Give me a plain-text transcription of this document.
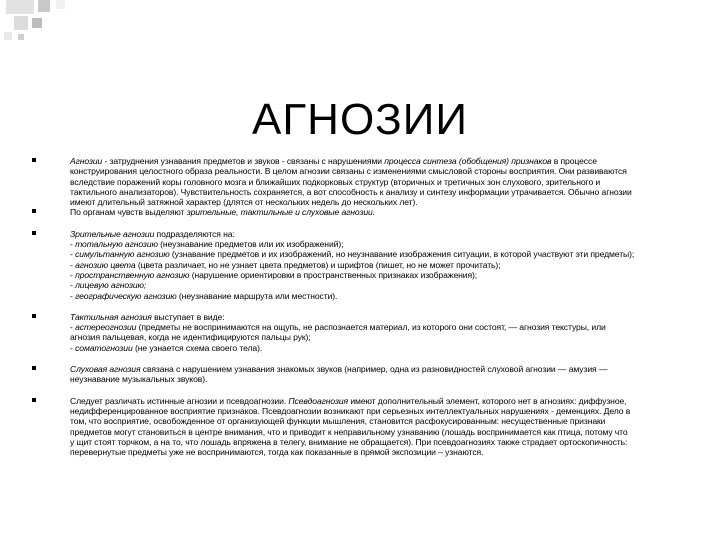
АГНОЗИИ
Агнозии - затруднения узнавания предметов и звуков - связаны с нарушениями процесса синтеза (обобщения) признаков в процессе
конструирования целостного образа реальности. В целом агнозии связаны с изменениями смысловой стороны восприятия. Они развиваются
вследствие поражений коры головного мозга и ближайших подкорковых структур (вторичных и третичных зон слухового, зрительного и
тактильного анализаторов). Чувствительность сохраняется, а вот способность к анализу и синтезу информации утрачивается. Обычно агнозии
имеют длительный затяжной характер (длятся от нескольких недель до нескольких лет).
По органам чувств выделяют зрительные, тактильные и слуховые агнозии.
Зрительные агнозии подразделяются на:
- тотальную агнозию (неузнавание предметов или их изображений);
- симультанную агнозию (узнавание предметов и их изображений, но неузнавание изображения ситуации, в которой участвуют эти предметы);
- агнозию цвета (цвета различает, но не узнает цвета предметов) и шрифтов (пишет, но не может прочитать);
- пространственную агнозию (нарушение ориентировки в пространственных признаках изображения);
- лицевую агнозию;
- географическую агнозию (неузнавание маршрута или местности).
Тактильная агнозия выступает в виде:
- астереогнозии (предметы не воспринимаются на ощупь, не распознается материал, из которого они состоят, — агнозия текстуры, или
агнозия пальцевая, когда не идентифицируются пальцы рук);
- соматогнозии (не узнается схема своего тела).
Слуховая агнозия связана с нарушением узнавания знакомых звуков (например, одна из разновидностей слуховой агнозии — амузия —
неузнавание музыкальных звуков).
Следует различать истинные агнозии и псевдоагнозии. Псевдоагнозия имеют дополнительный элемент, которого нет в агнозиях: диффузное,
недифференцированное восприятие признаков. Псевдоагнозии возникают при серьезных интеллектуальных нарушениях - деменциях. Дело в
том, что восприятие, освобожденное от организующей функции мышления, становится расфокусированным: несущественные признаки
предметов могут становиться в центре внимания, что и приводит к неправильному узнаванию (лошадь воспринимается как птица, потому что
у щит стоят торчком, а на то, что лошадь впряжена в телегу, внимание не обращается). При псевдоагнозиях также страдает ортоскопичность:
перевернутые предметы уже не воспринимаются, тогда как показанные в прямой экспозиции – узнаются.
